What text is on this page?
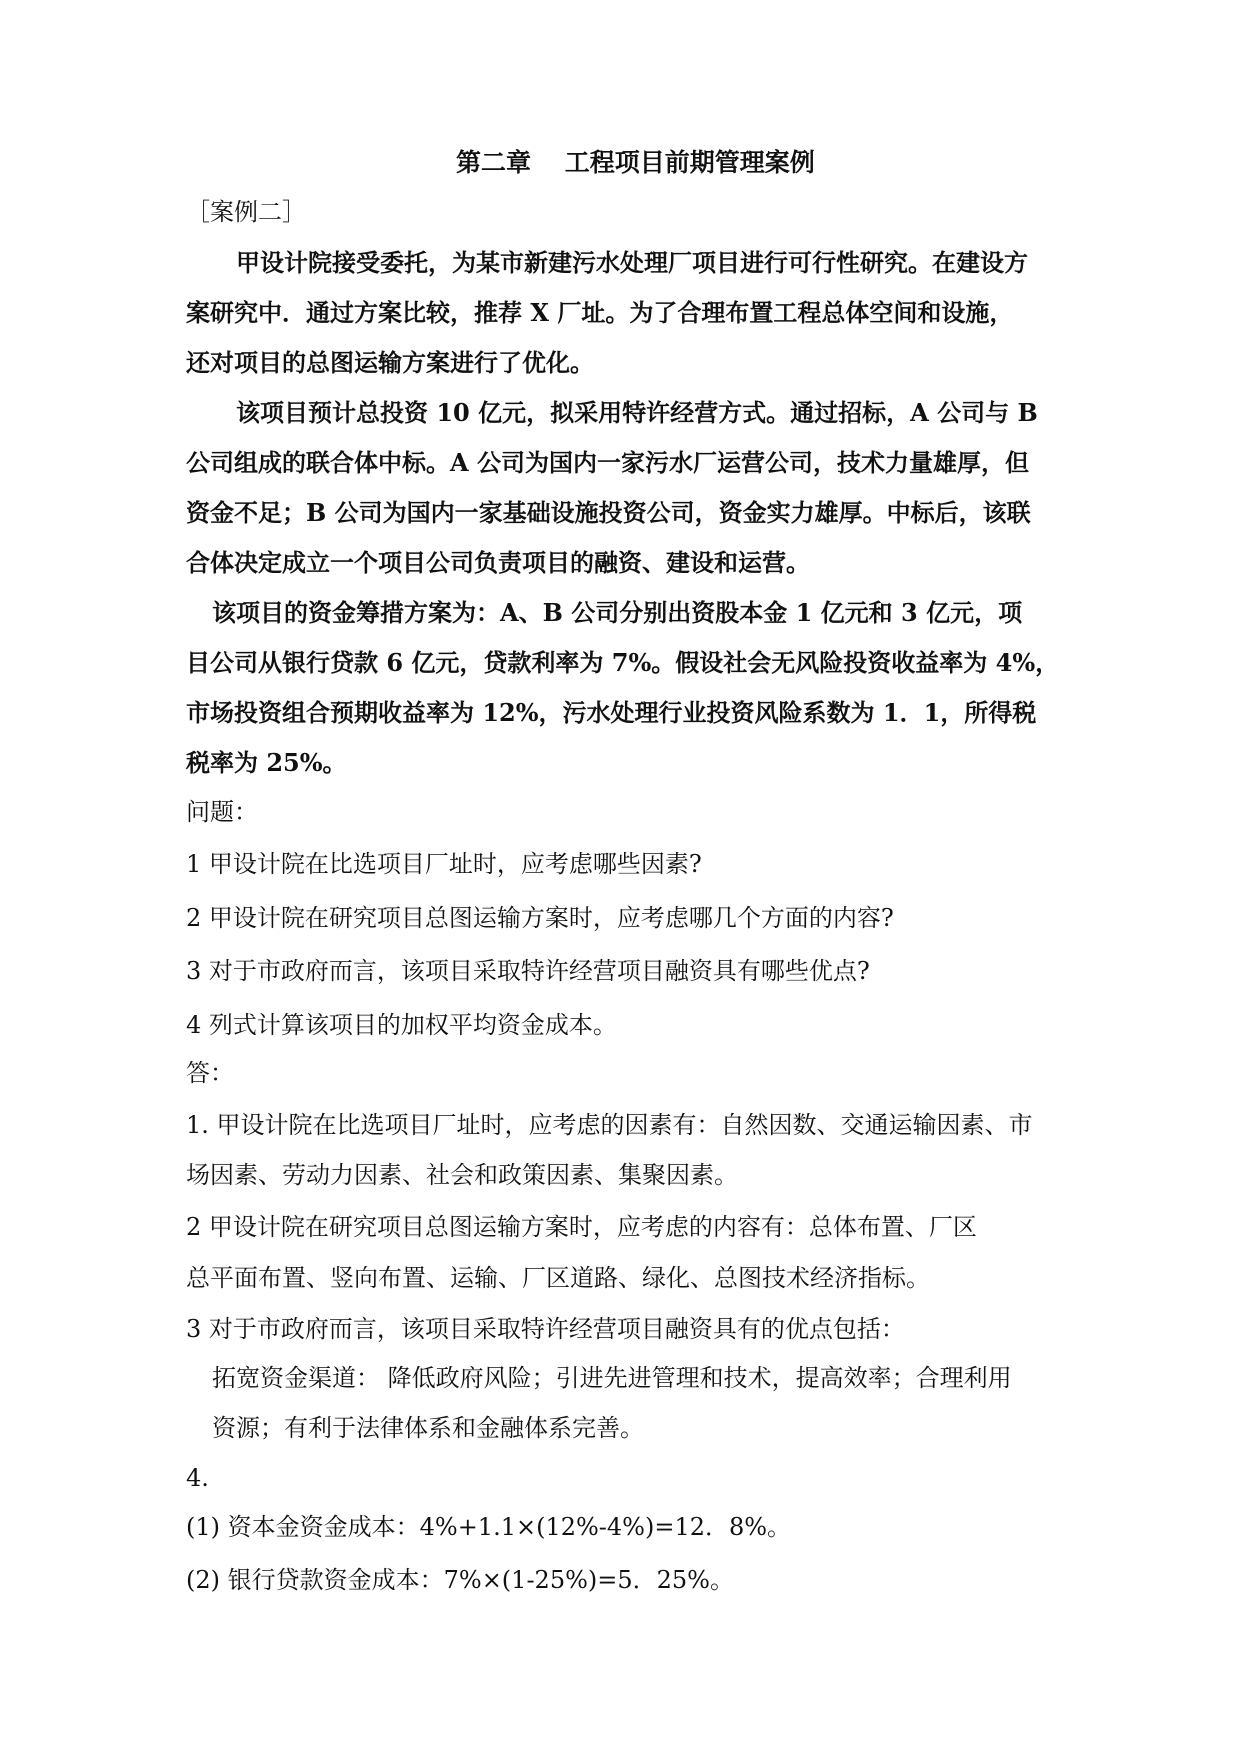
第二章　 工程项目前期管理案例
［案例二］
甲设计院接受委托，为某市新建污水处理厂项目进行可行性研究。在建设方
案研究中．通过方案比较，推荐 X 厂址。为了合理布置工程总体空间和设施，
还对项目的总图运输方案进行了优化。
该项目预计总投资 10 亿元，拟采用特许经营方式。通过招标，A 公司与 B
公司组成的联合体中标。A 公司为国内一家污水厂运营公司，技术力量雄厚，但
资金不足；B 公司为国内一家基础设施投资公司，资金实力雄厚。中标后，该联
合体决定成立一个项目公司负责项目的融资、建设和运营。
该项目的资金筹措方案为：A、B 公司分别出资股本金 1 亿元和 3 亿元，项
目公司从银行贷款 6 亿元，贷款利率为 7%。假设社会无风险投资收益率为 4%，
市场投资组合预期收益率为 12%，污水处理行业投资风险系数为 1．1，所得税
税率为 25%。
问题：
1 甲设计院在比选项目厂址时，应考虑哪些因素?
2 甲设计院在研究项目总图运输方案时，应考虑哪几个方面的内容?
3 对于市政府而言，该项目采取特许经营项目融资具有哪些优点?
4 列式计算该项目的加权平均资金成本。
答：
1. 甲设计院在比选项目厂址时，应考虑的因素有：自然因数、交通运输因素、市
场因素、劳动力因素、社会和政策因素、集聚因素。
2 甲设计院在研究项目总图运输方案时，应考虑的内容有：总体布置、厂区
总平面布置、竖向布置、运输、厂区道路、绿化、总图技术经济指标。
3 对于市政府而言，该项目采取特许经营项目融资具有的优点包括：
拓宽资金渠道： 降低政府风险；引进先进管理和技术，提高效率；合理利用
资源；有利于法律体系和金融体系完善。
4.
(1) 资本金资金成本：4%+1.1×(12%-4%)=12．8%。
(2) 银行贷款资金成本：7%×(1-25%)=5．25%。
